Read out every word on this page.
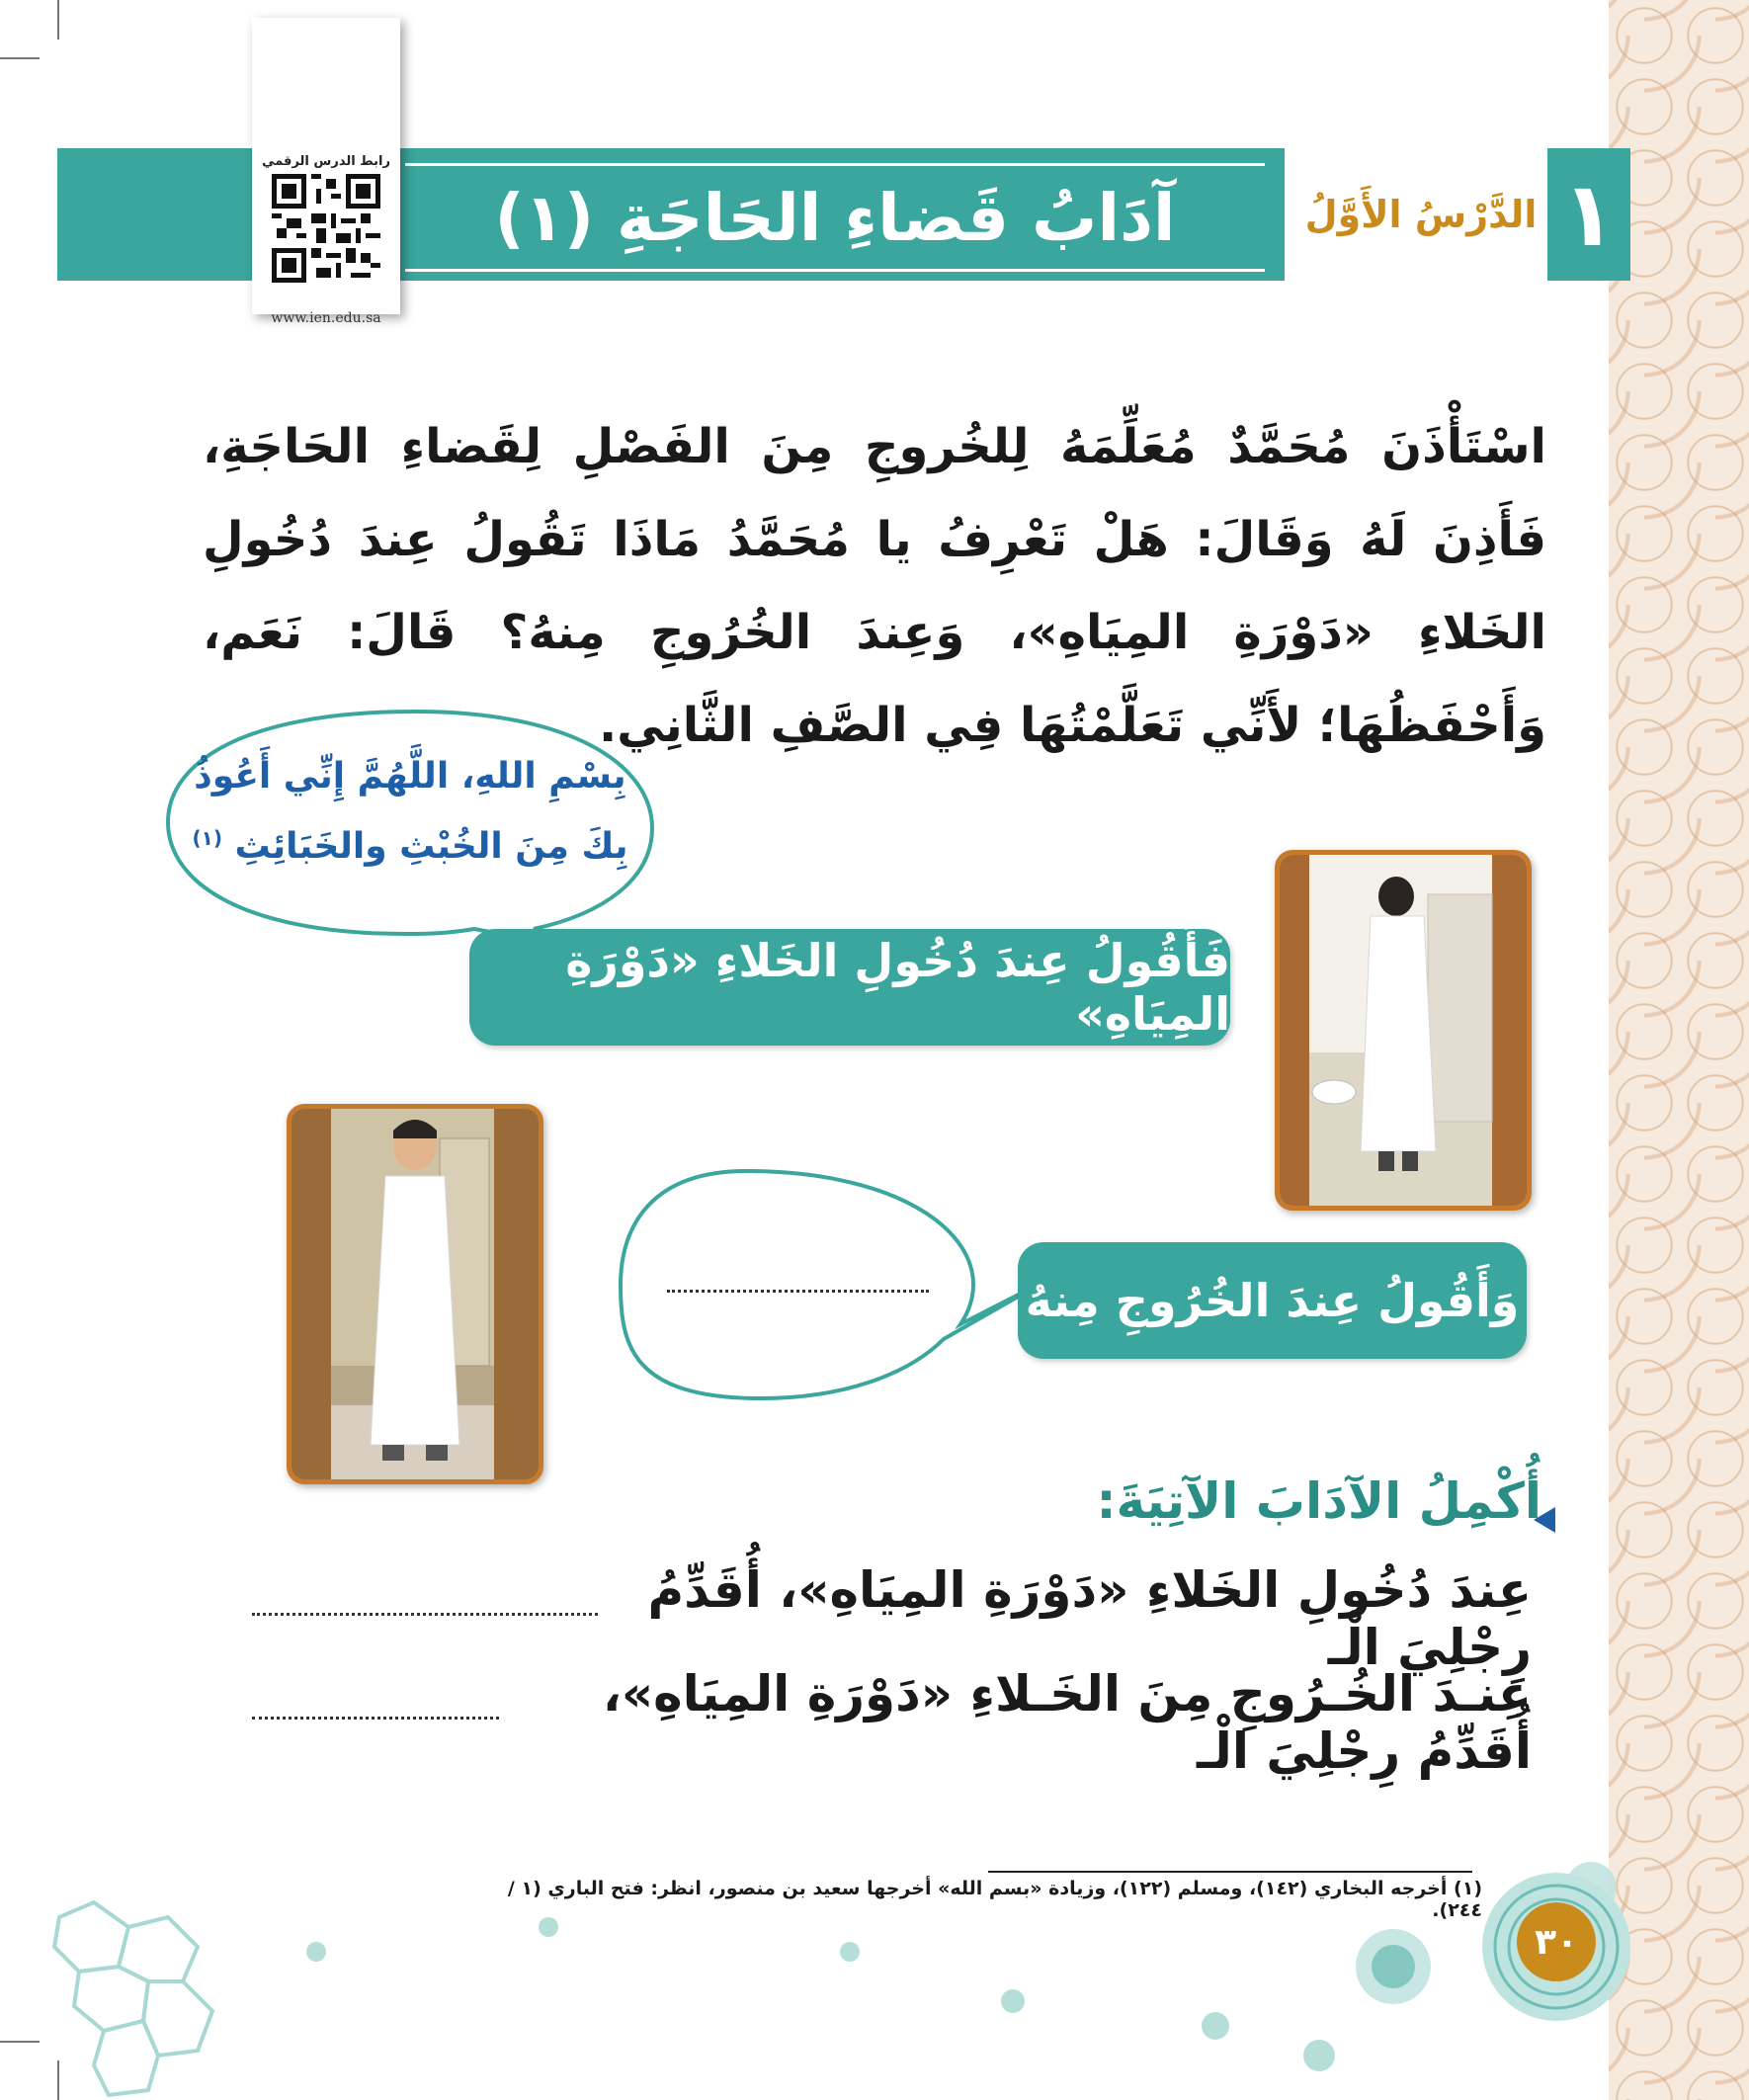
آدَابُ قَضاءِ الحَاجَةِ (١)	الدَّرْسُ الأَوَّلُ ١
رابط الدرس الرقمي
www.ien.edu.sa
اسْتَأْذَنَ مُحَمَّدٌ مُعَلِّمَهُ لِلخُروجِ مِنَ الفَصْلِ لِقَضاءِ الحَاجَةِ، فَأَذِنَ لَهُ وَقَالَ: هَلْ تَعْرِفُ يا مُحَمَّدُ مَاذَا تَقُولُ عِندَ دُخُولِ الخَلاءِ «دَوْرَةِ المِيَاهِ»، وَعِندَ الخُرُوجِ مِنهُ؟ قَالَ: نَعَم، وَأَحْفَظُهَا؛ لأَنِّي تَعَلَّمْتُهَا فِي الصَّفِ الثَّانِي.
بِسْمِ اللهِ، اللَّهُمَّ إِنِّي أَعُوذُ
بِكَ مِنَ الخُبْثِ والخَبَائِثِ $^{(١)}$
فَأَقُولُ عِندَ دُخُولِ الخَلاءِ «دَوْرَةِ المِيَاهِ»
وَأَقُولُ عِندَ الخُرُوجِ مِنهُ
أُكْمِلُ الآدَابَ الآتِيَةَ:
عِندَ دُخُولِ الخَلاءِ «دَوْرَةِ المِيَاهِ»، أُقَدِّمُ رِجْلِيَ الْـ
عِنـدَ الخُـرُوجِ مِنَ الخَـلاءِ «دَوْرَةِ المِيَاهِ»، أُقَدِّمُ رِجْلِيَ الْـ
(١) أخرجه البخاري (١٤٢)، ومسلم (١٢٢)، وزيادة «بسم الله» أخرجها سعيد بن منصور، انظر: فتح الباري (١ / ٢٤٤).
٣٠
